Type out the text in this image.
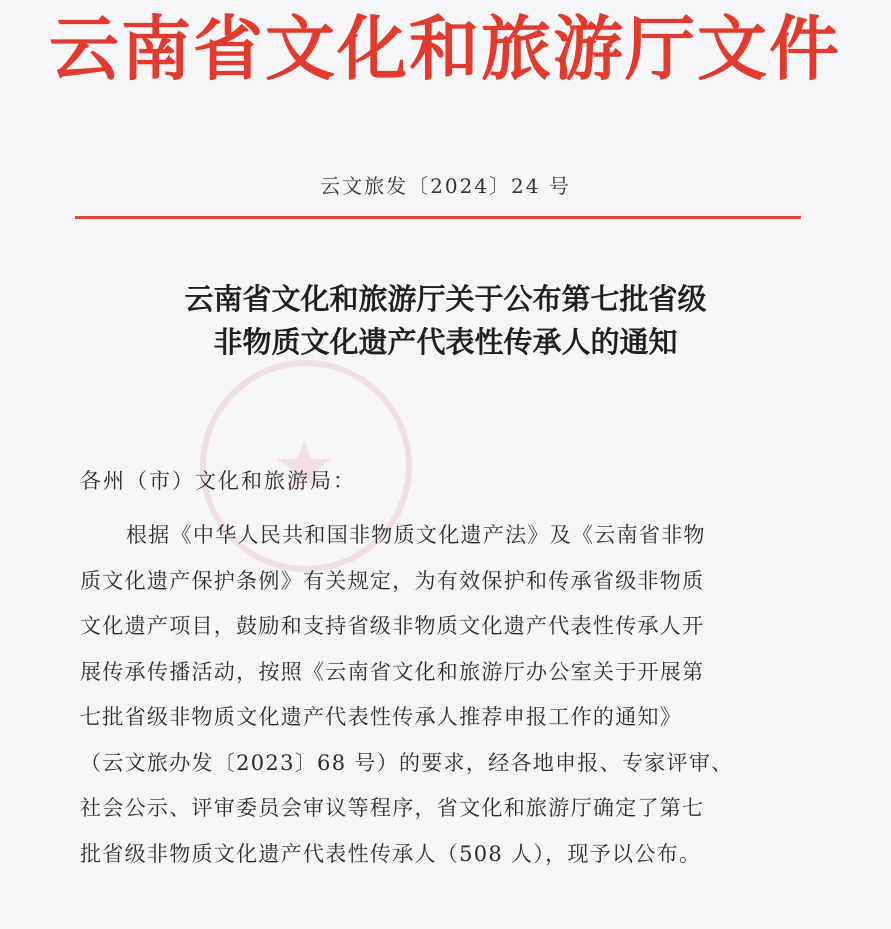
云南省文化和旅游厅文件
云文旅发〔2024〕24 号
★
云南省文化和旅游厅关于公布第七批省级
非物质文化遗产代表性传承人的通知
各州（市）文化和旅游局：
根据《中华人民共和国非物质文化遗产法》及《云南省非物
质文化遗产保护条例》有关规定，为有效保护和传承省级非物质
文化遗产项目，鼓励和支持省级非物质文化遗产代表性传承人开
展传承传播活动，按照《云南省文化和旅游厅办公室关于开展第
七批省级非物质文化遗产代表性传承人推荐申报工作的通知》
（云文旅办发〔2023〕68 号）的要求，经各地申报、专家评审、
社会公示、评审委员会审议等程序，省文化和旅游厅确定了第七
批省级非物质文化遗产代表性传承人（508 人），现予以公布。
